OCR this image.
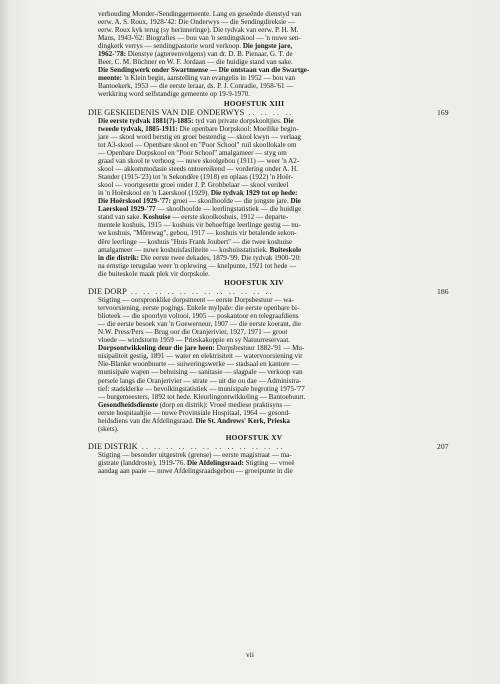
verhouding Monder-/Sendinggemeente. Lang en geseënde dienstyd van
eerw. A. S. Roux, 1928-'42: Die Onderwys — die Sendingdireksie —
eerw. Roux kyk terug (sy herinneringe). Die tydvak van eerw. P. H. M.
Mans, 1943-'62: Biografies — bou van 'n sendingskool — 'n nuwe sen-
dingkerk verrys — sendingpastorie word verkoop. Die jongste jare,
1962-'78: Dienstye (agtereenvolgens) van dr. D. B. Pienaar, G. T. de
Beer, C. M. Büchner en W. F. Jordaan — die huidige stand van sake.
Die Sendingwerk onder Swartmense — Die ontstaan van die Swartge-
meente: 'n Klein begin, aanstelling van evangelis in 1952 — bou van
Bantoekerk, 1953 — die eerste leraar, ds. P. J. Conradie, 1958-'61 —
werkkring word selfstandige gemeente op 19-9-1970.
HOOFSTUK XIII
DIE GESKIEDENIS VAN DIE ONDERWYS .. .. .. ..	169
Die eerste tydvak 1881(?)-1885: tyd van private dorpskooltjies. Die
tweede tydvak, 1885-1911: Die openbare Dorpskool: Moeilike begin-
jare — skool word herstig en groei bestendig — skool kwyn — verlaag
tot A3-skool — Openbare skool en "Poor School" ruil skoollokale om
— Openbare Dorpskool en "Poor School" amalgameer — styg om
graad van skool te verhoog — nuwe skoolgebou (1911) — weer 'n A2-
skool — akkommodasie steeds ontoereikend — vordering onder A. H.
Stander (1915-'23) tot 'n Sekondêre (1918) en oplaas (1922) 'n Hoër-
skool — voortgesette groei onder J. P. Grobbelaar — skool verdeel
in 'n Hoërskool en 'n Laerskool (1929). Die tydvak 1929 tot op hede:
Die Hoërskool 1929-'77: groei — skoolhoofde — die jongste jare. Die
Laerskool 1929-'77 — skoolhoofde — leerlingstatistiek — die huidige
stand van sake. Koshuise — eerste skoolkoshuis, 1912 — departe-
mentele koshuis, 1915 — koshuis vir behoeftige leerlinge gestig — nu-
we koshuis, "Mõrewag", gebou, 1917 — koshuis vir betalende sekon-
dêre leerlinge — koshuis "Huis Frank Joubert" — die twee koshuise
amalgameer — nuwe koshuisfasiliteite — koshuisstatistiek. Buiteskole
in die distrik: Die eerste twee dekades, 1879-'99. Die tydvak 1900-'20:
na ernstige terugslae weer 'n oplewing — knelpunte, 1921 tot hede —
die buiteskole maak plek vir dorpskole.
HOOFSTUK XIV
DIE DORP .. .. .. .. .. .. .. .. .. .. .. ..	186
Stigting — oorspronklike dorpsmeent — eerste Dorpsbestuur — wa-
tervoorsiening, eerste pogings. Enkele mylpale: die eerste openbare bi-
blioteek — die spoorlyn voltooi, 1905 — poskantoor en telegraafdiens
— die eerste besoek van 'n Goewerneur, 1907 — die eerste koerant, die
N.W. Press/Pers — Brug oor die Oranjerivier, 1927, 1971 — groot
vloede — windstorm 1959 — Prieskakoppie en sy Natuurreservaat.
Dorpsontwikkeling deur die jare heen: Dorpsbestuur 1882-'91 — Mu-
nisipaliteit gestig, 1891 — water en elektrisiteit — watervoorsiening vir
Nie-Blanke woonbuurte — suiweringswerke — stadsaal en kantore —
munisipale wapen — behuising — sanitasie — slagpale — verkoop van
persele langs die Oranjerivier — strate — uit die ou dae — Administra-
tief: stadsklerke — bevolkingstatistiek — munisipale begroting 1975-'77
— burgemeesters, 1892 tot hede. Kleurlingontwikkeling — Bantoebuurt.
Gesondheidsdienste (dorp en distrik): Vroeë mediese praktisyns —
eerste hospitaaltjie — nuwe Provinsiale Hospitaal, 1964 — gesond-
heidsdiens van die Afdelingsraad. Die St. Andrews' Kerk, Prieska
(skets).
HOOFSTUK XV
DIE DISTRIK .. .. .. .. .. .. .. .. .. .. .. ..	207
Stigting — besonder uitgestrek (grense) — eerste magistraat — ma-
gistrate (landdroste), 1919-'76. Die Afdelingsraad: Stigting — vroeë
aandag aan paaie — nuwe Afdelingsraadsgebou — groeipunte in die
vii
